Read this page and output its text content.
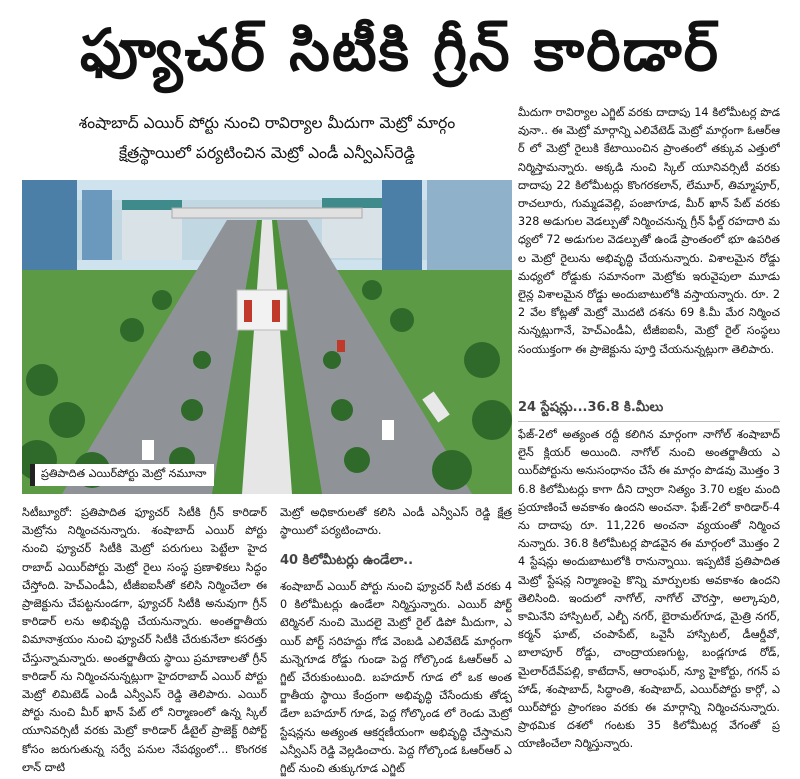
ఫ్యూచర్ సిటీకి గ్రీన్ కారిడార్
శంషాబాద్ ఎయిర్ పోర్టు నుంచి రావిర్యాల మీదుగా మెట్రో మార్గం
క్షేత్రస్థాయిలో పర్యటించిన మెట్రో ఎండీ ఎన్వీఎస్‌రెడ్డి
ప్రతిపాదిత ఎయిర్‌పోర్టు మెట్రో నమూనా
సిటీబ్యూరో: ప్రతిపాదిత ఫ్యూచర్ సిటీకి గ్రీన్ కారిడార్ మెట్రోను నిర్మించనున్నారు. శంషాబాద్ ఎయిర్ పోర్టు నుంచి ఫ్యూచర్ సిటీకి మెట్రో పరుగులు పెట్టేలా హైదరాబాద్ ఎయిర్‌పోర్టు మెట్రో రైలు సంస్థ ప్రణాళికలు సిద్ధం చేస్తోంది. హెచ్ఎండీఏ, టీజీఐఐసీతో కలిసి నిర్మించేలా ఈ ప్రాజెక్టును చేపట్టనుండగా, ఫ్యూచర్ సిటీకి అనువుగా గ్రీన్ కారిడార్ లను అభివృద్ధి చేయనున్నారు. అంతర్జాతీయ విమానాశ్రయం నుంచి ఫ్యూచర్ సిటీకి చేరుకునేలా కసరత్తు చేస్తున్నామన్నారు. అంతర్జాతీయ స్థాయి ప్రమాణాలతో గ్రీన్ కారిడార్ ను నిర్మించనున్నట్లుగా హైదరాబాద్ ఎయిర్ పోర్టు మెట్రో లిమిటెడ్ ఎండీ ఎన్వీఎస్ రెడ్డి తెలిపారు. ఎయిర్ పోర్టు నుంచి మీర్ ఖాన్ పేట్ లో నిర్మాణంలో ఉన్న స్కిల్ యూనివర్సిటీ వరకు మెట్రో కారిడార్ డీటైల్ ప్రాజెక్ట్ రిపోర్ట్ కోసం జరుగుతున్న సర్వే పనుల నేపథ్యంలో... కొంగరకలాన్ దాటి
మెట్రో అధికారులతో కలిసి ఎండీ ఎన్వీఎస్ రెడ్డి క్షేత్రస్థాయిలో పర్యటించారు.
40 కిలోమీటర్లు ఉండేలా..
శంషాబాద్ ఎయిర్ పోర్టు నుంచి ఫ్యూచర్ సిటీ వరకు 40 కిలోమీటర్లు ఉండేలా నిర్మిస్తున్నారు. ఎయిర్ పోర్ట్ టెర్మినల్ నుంచి మొదలై మెట్రో రైల్ డిపో మీదుగా, ఎయిర్ పోర్ట్ సరిహద్దు గోడ వెంబడి ఎలివేటెడ్ మార్గంగా మన్నెగూడ రోడ్డు గుండా పెద్ద గోల్కొండ ఓఆర్ఆర్ ఎగ్జిట్ చేరుకుంటుంది. బహదూర్ గూడ లో ఒక అంతర్జాతీయ స్థాయి కేంద్రంగా అభివృద్ధి చేసేందుకు తోడ్పడేలా బహదూర్ గూడ, పెద్ద గోల్కొండ లో రెండు మెట్రో స్టేషన్లను అత్యంత ఆకర్షణీయంగా అభివృద్ధి చేస్తామని ఎన్వీఎస్ రెడ్డి వెల్లడించారు. పెద్ద గోల్కొండ ఓఆర్ఆర్ ఎగ్జిట్ నుంచి తుక్కుగూడ ఎగ్జిట్
మీదుగా రావిర్యాల ఎగ్జిట్ వరకు దాదాపు 14 కిలోమీటర్ల పొడవునా.. ఈ మెట్రో మార్గాన్ని ఎలివేటెడ్ మెట్రో మార్గంగా ఓఆర్ఆర్ లో మెట్రో రైలుకి కేటాయించిన ప్రాంతంలో తక్కువ ఎత్తులో నిర్మిస్తామన్నారు. అక్కడి నుంచి స్కిల్ యూనివర్సిటీ వరకు దాదాపు 22 కిలోమీటర్లు కొంగరకలాన్, లేమూర్, తిమ్మాపూర్, రాచలూరు, గుమ్మడవెల్లి, పంజాగూడ, మీర్ ఖాన్ పేట్ వరకు 328 అడుగుల వెడల్పుతో నిర్మించనున్న గ్రీన్ ఫీల్డ్ రహదారి మధ్యలో 72 అడుగుల వెడల్పుతో ఉండే ప్రాంతంలో భూ ఉపరితల మెట్రో రైలును అభివృద్ధి చేయనున్నారు. విశాలమైన రోడ్డు మధ్యలో రోడ్డుకు సమానంగా మెట్రోకు ఇరువైపులా మూడు లైన్ల విశాలమైన రోడ్డు అందుబాటులోకి వస్తాయన్నారు. రూ. 22 వేల కోట్లతో మెట్రో మొదటి దశను 69 కి.మీ మేర నిర్మించనున్నట్లుగానే, హెచ్ఎండీఏ, టీజీఐఐసీ, మెట్రో రైల్ సంస్థలు సంయుక్తంగా ఈ ప్రాజెక్టును పూర్తి చేయనున్నట్లుగా తెలిపారు.
24 స్టేషన్లు...36.8 కి.మీలు
ఫేజ్-2లో అత్యంత రద్దీ కలిగిన మార్గంగా నాగోల్ శంషాబాద్ లైన్ క్లియర్ అయింది. నాగోల్ నుంచి అంతర్జాతీయ ఎయిర్‌పోర్టును అనుసంధానం చేసే ఈ మార్గం పొడవు మొత్తం 36.8 కిలోమీటర్లు కాగా దీని ద్వారా నిత్యం 3.70 లక్షల మంది ప్రయాణించే అవకాశం ఉందని అంచనా. ఫేజ్-2లో కారిడార్-4ను దాదాపు రూ. 11,226 అంచనా వ్యయంతో నిర్మించనున్నారు. 36.8 కిలోమీటర్ల పొడవైన ఈ మార్గంలో మొత్తం 24 స్టేషన్లు అందుబాటులోకి రానున్నాయి. ఇప్పటికే ప్రతిపాదిత మెట్రో స్టేషన్ల నిర్మాణంపై కొన్ని మార్పులకు అవకాశం ఉందని తెలిసింది. ఇందులో నాగోల్, నాగోల్ చౌరస్తా, అల్కాపురి, కామినేని హాస్పిటల్, ఎల్బీ నగర్, బైరామల్‌గూడ, మైత్రి నగర్, కర్మన్ ఘాట్, చంపాపేట్, ఒవైసీ హాస్పిటల్, డీఆర్డీవో, బాలాపూర్ రోడ్డు, చాంద్రాయణగుట్ట, బండ్లగూడ రోడ్, మైలార్‌దేవ్‌పల్లి, కాటేదాన్, ఆరాంఘర్, న్యూ హైకోర్టు, గగన్ పహాడ్, శంషాబాద్, సిద్ధాంతి, శంషాబాద్, ఎయిర్‌పోర్టు కార్గో, ఎయిర్‌పోర్టు ప్రాంగణం వరకు ఈ మార్గాన్ని నిర్మించనున్నారు. ప్రాథమిక దశలో గంటకు 35 కిలోమీటర్ల వేగంతో ప్రయాణించేలా నిర్మిస్తున్నారు.
